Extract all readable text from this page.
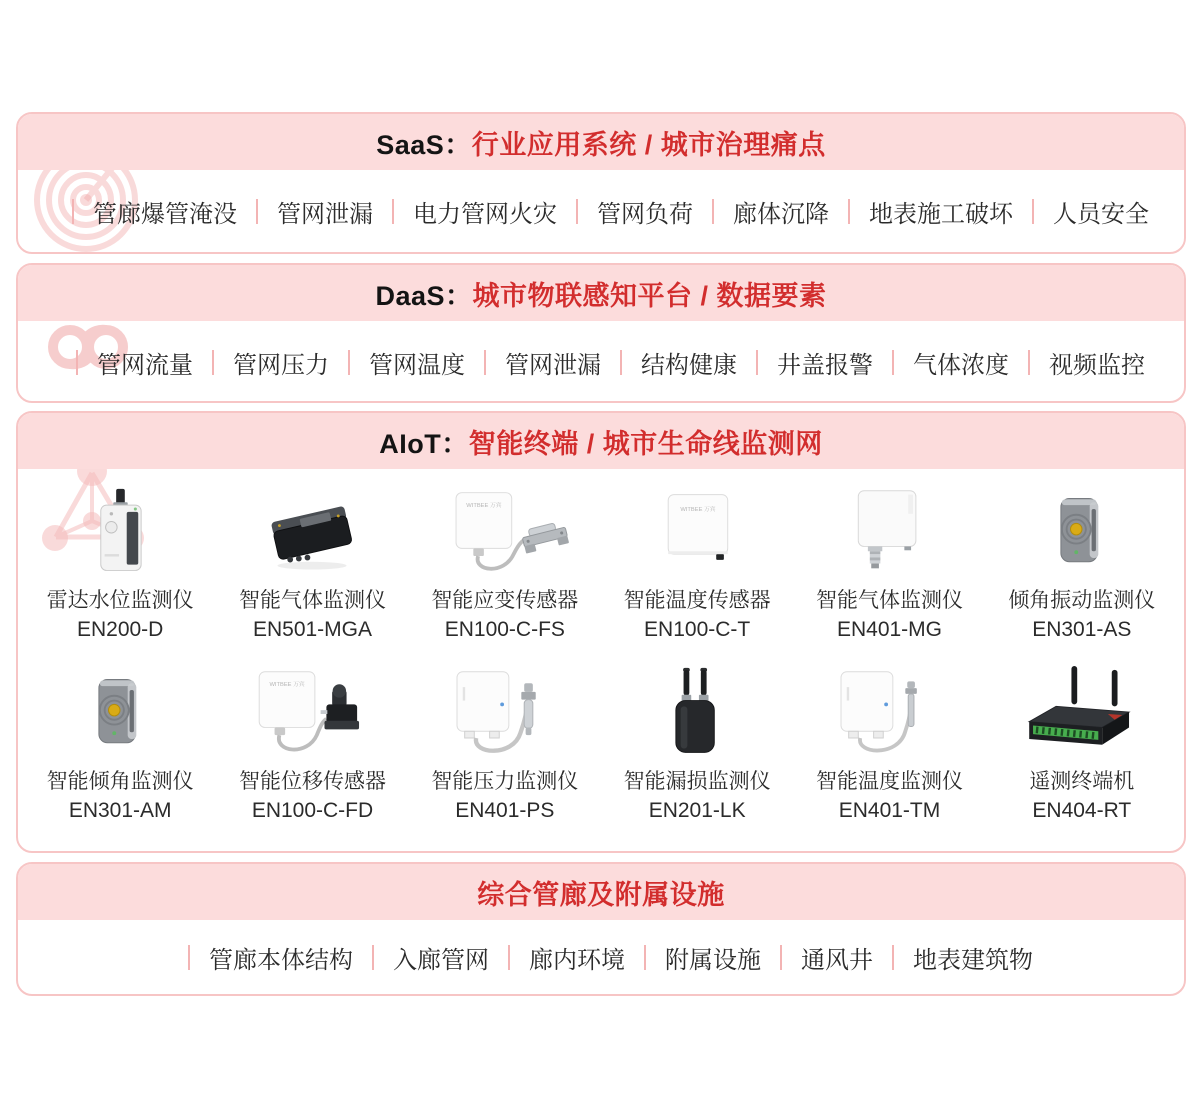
SaaS： 行业应用系统 / 城市治理痛点
管廊爆管淹没	管网泄漏	电力管网火灾	管网负荷	廊体沉降	地表施工破坏	人员安全
DaaS： 城市物联感知平台 / 数据要素
管网流量	管网压力	管网温度	管网泄漏	结构健康	井盖报警	气体浓度	视频监控
AIoT： 智能终端 / 城市生命线监测网
雷达水位监测仪
EN200-D
智能气体监测仪
EN501-MGA
WITBEE 万宾
智能应变传感器
EN100-C-FS
WITBEE 万宾
智能温度传感器
EN100-C-T
智能气体监测仪
EN401-MG
倾角振动监测仪
EN301-AS
智能倾角监测仪
EN301-AM
WITBEE 万宾
智能位移传感器
EN100-C-FD
智能压力监测仪
EN401-PS
智能漏损监测仪
EN201-LK
智能温度监测仪
EN401-TM
遥测终端机
EN404-RT
综合管廊及附属设施
管廊本体结构	入廊管网	廊内环境	附属设施	通风井	地表建筑物
